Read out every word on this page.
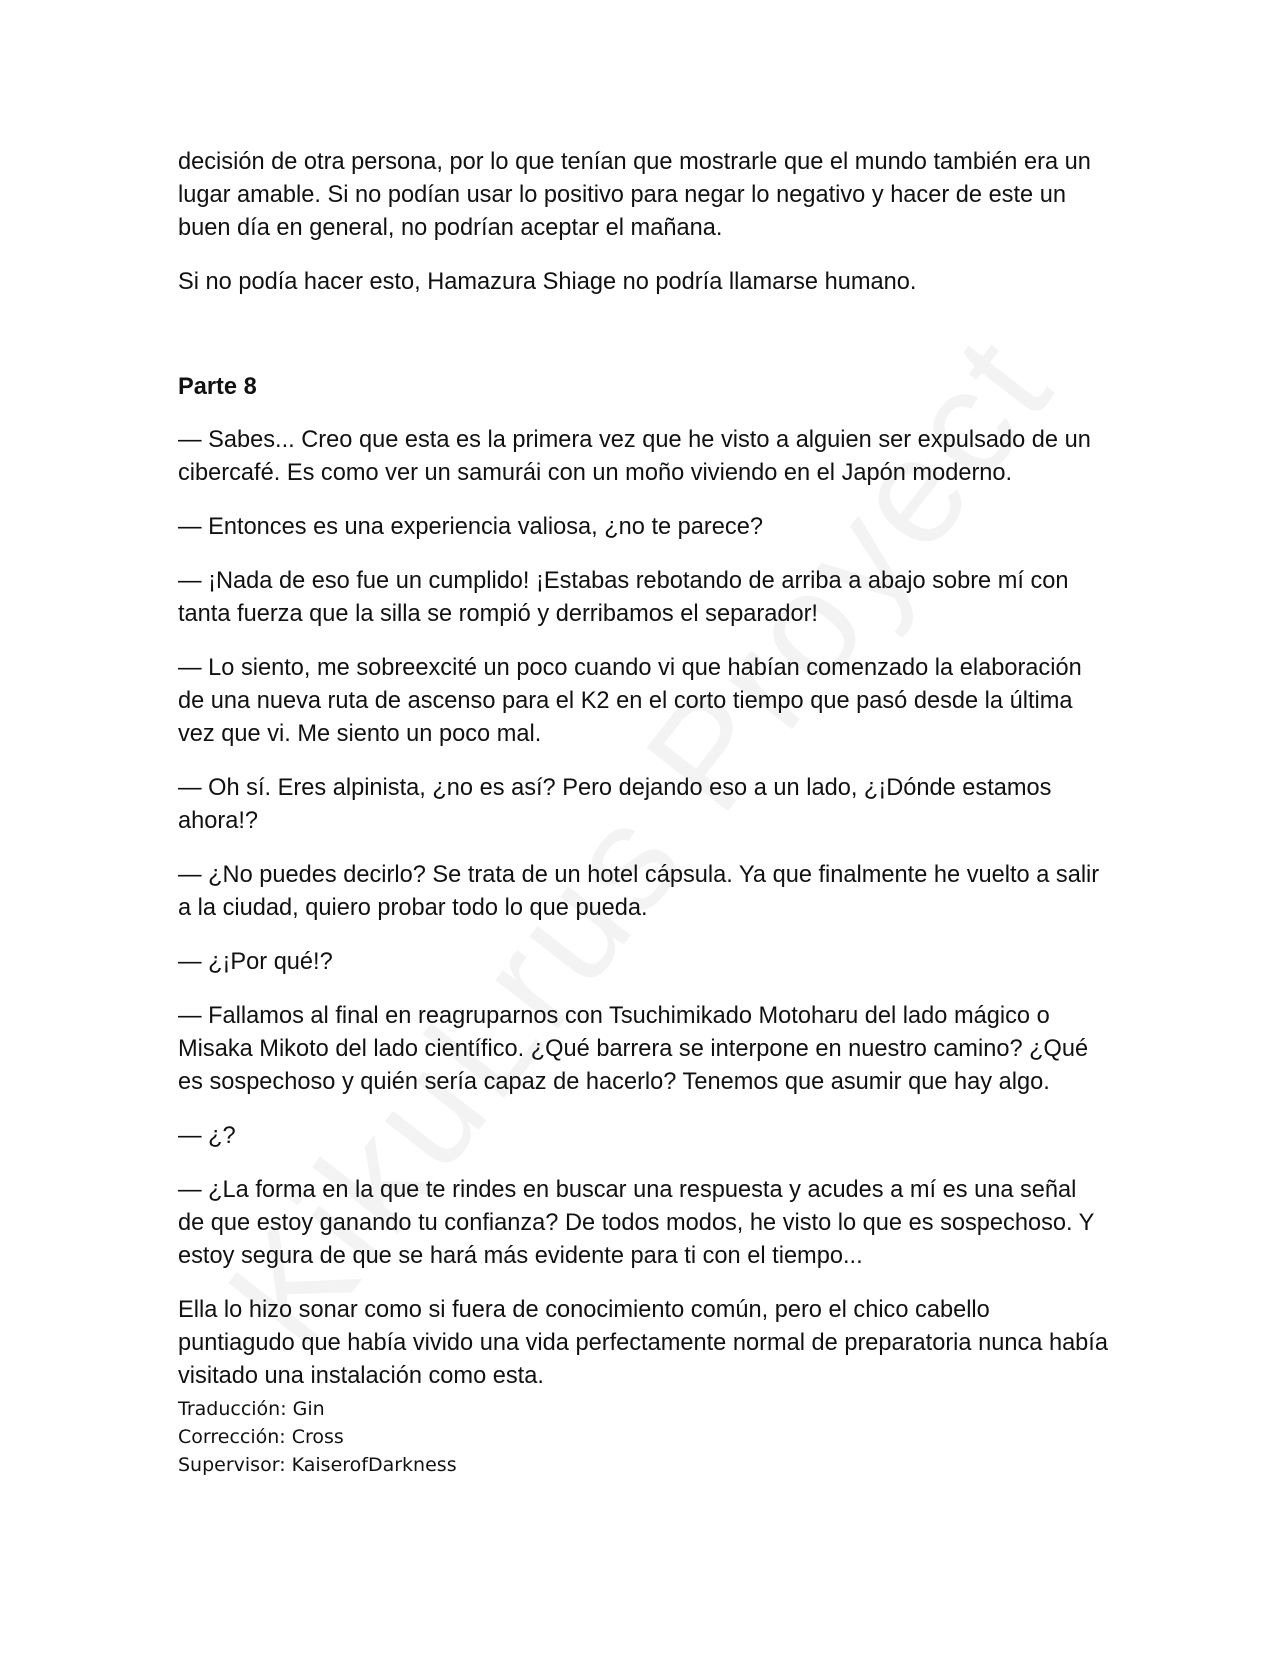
decisión de otra persona, por lo que tenían que mostrarle que el mundo también era un lugar amable. Si no podían usar lo positivo para negar lo negativo y hacer de este un buen día en general, no podrían aceptar el mañana.

Si no podía hacer esto, Hamazura Shiage no podría llamarse humano.

Parte 8

— Sabes... Creo que esta es la primera vez que he visto a alguien ser expulsado de un cibercafé. Es como ver un samurái con un moño viviendo en el Japón moderno.

— Entonces es una experiencia valiosa, ¿no te parece?

— ¡Nada de eso fue un cumplido! ¡Estabas rebotando de arriba a abajo sobre mí con tanta fuerza que la silla se rompió y derribamos el separador!

— Lo siento, me sobreexcité un poco cuando vi que habían comenzado la elaboración de una nueva ruta de ascenso para el K2 en el corto tiempo que pasó desde la última vez que vi. Me siento un poco mal.

— Oh sí. Eres alpinista, ¿no es así? Pero dejando eso a un lado, ¿¡Dónde estamos ahora!?

— ¿No puedes decirlo? Se trata de un hotel cápsula. Ya que finalmente he vuelto a salir a la ciudad, quiero probar todo lo que pueda.

— ¿¡Por qué!?

— Fallamos al final en reagruparnos con Tsuchimikado Motoharu del lado mágico o Misaka Mikoto del lado científico. ¿Qué barrera se interpone en nuestro camino? ¿Qué es sospechoso y quién sería capaz de hacerlo? Tenemos que asumir que hay algo.

— ¿?

— ¿La forma en la que te rindes en buscar una respuesta y acudes a mí es una señal de que estoy ganando tu confianza? De todos modos, he visto lo que es sospechoso. Y estoy segura de que se hará más evidente para ti con el tiempo...

Ella lo hizo sonar como si fuera de conocimiento común, pero el chico cabello puntiagudo que había vivido una vida perfectamente normal de preparatoria nunca había visitado una instalación como esta.

Traducción: Gin
Corrección: Cross
Supervisor: KaiserofDarkness
